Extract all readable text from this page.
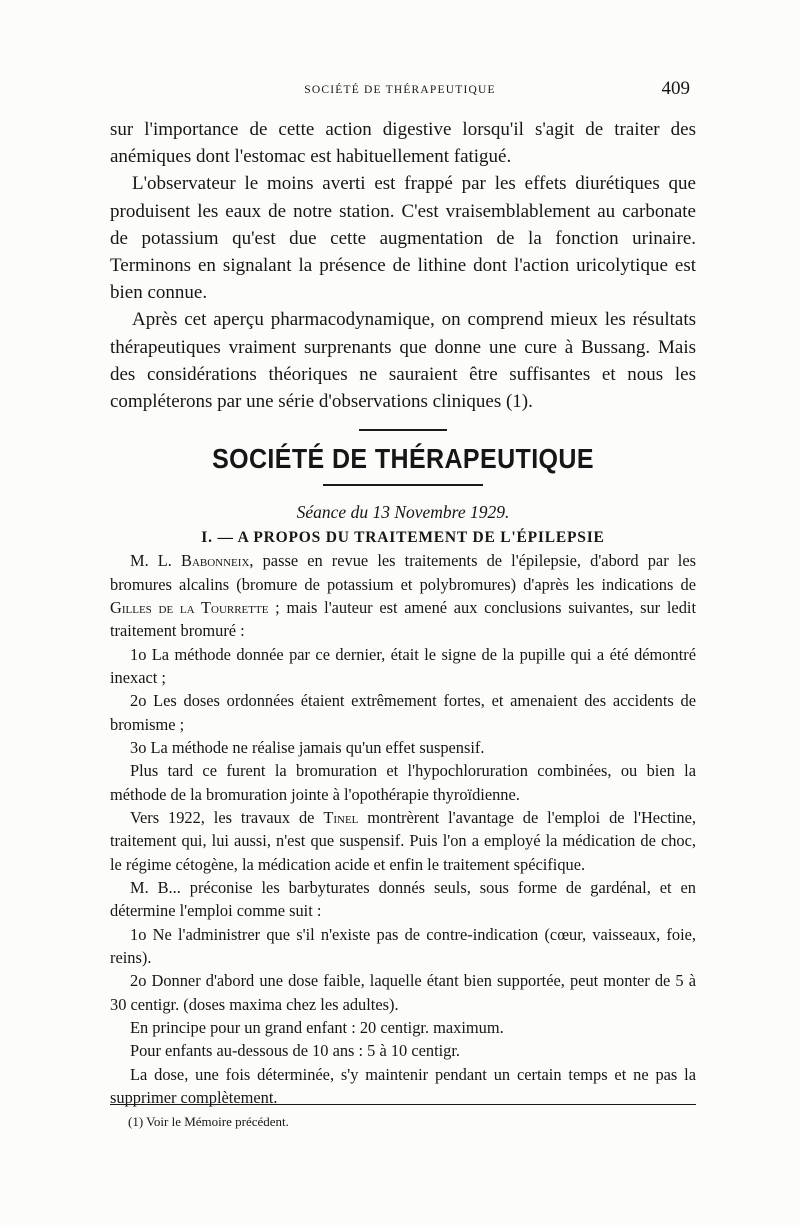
SOCIÉTÉ DE THÉRAPEUTIQUE	409

sur l'importance de cette action digestive lorsqu'il s'agit de traiter des anémiques dont l'estomac est habituellement fatigué.

L'observateur le moins averti est frappé par les effets diurétiques que produisent les eaux de notre station. C'est vraisemblablement au carbonate de potassium qu'est due cette augmentation de la fonction urinaire. Terminons en signalant la présence de lithine dont l'action uricolytique est bien connue.

Après cet aperçu pharmacodynamique, on comprend mieux les résultats thérapeutiques vraiment surprenants que donne une cure à Bussang. Mais des considérations théoriques ne sauraient être suffisantes et nous les compléterons par une série d'observations cliniques (1).

SOCIÉTÉ DE THÉRAPEUTIQUE
Séance du 13 Novembre 1929.
I. — A PROPOS DU TRAITEMENT DE L'ÉPILEPSIE

M. L. Babonneix, passe en revue les traitements de l'épilepsie, d'abord par les bromures alcalins (bromure de potassium et polybromures) d'après les indications de Gilles de la Tourrette ; mais l'auteur est amené aux conclusions suivantes, sur ledit traitement bromuré :

1o La méthode donnée par ce dernier, était le signe de la pupille qui a été démontré inexact ;

2o Les doses ordonnées étaient extrêmement fortes, et amenaient des accidents de bromisme ;

3o La méthode ne réalise jamais qu'un effet suspensif.

Plus tard ce furent la bromuration et l'hypochloruration combinées, ou bien la méthode de la bromuration jointe à l'opothérapie thyroïdienne.

Vers 1922, les travaux de Tinel montrèrent l'avantage de l'emploi de l'Hectine, traitement qui, lui aussi, n'est que suspensif. Puis l'on a employé la médication de choc, le régime cétogène, la médication acide et enfin le traitement spécifique.

M. B... préconise les barbyturates donnés seuls, sous forme de gardénal, et en détermine l'emploi comme suit :

1o Ne l'administrer que s'il n'existe pas de contre-indication (cœur, vaisseaux, foie, reins).

2o Donner d'abord une dose faible, laquelle étant bien supportée, peut monter de 5 à 30 centigr. (doses maxima chez les adultes).

En principe pour un grand enfant : 20 centigr. maximum.

Pour enfants au-dessous de 10 ans : 5 à 10 centigr.

La dose, une fois déterminée, s'y maintenir pendant un certain temps et ne pas la supprimer complètement.

(1) Voir le Mémoire précédent.
